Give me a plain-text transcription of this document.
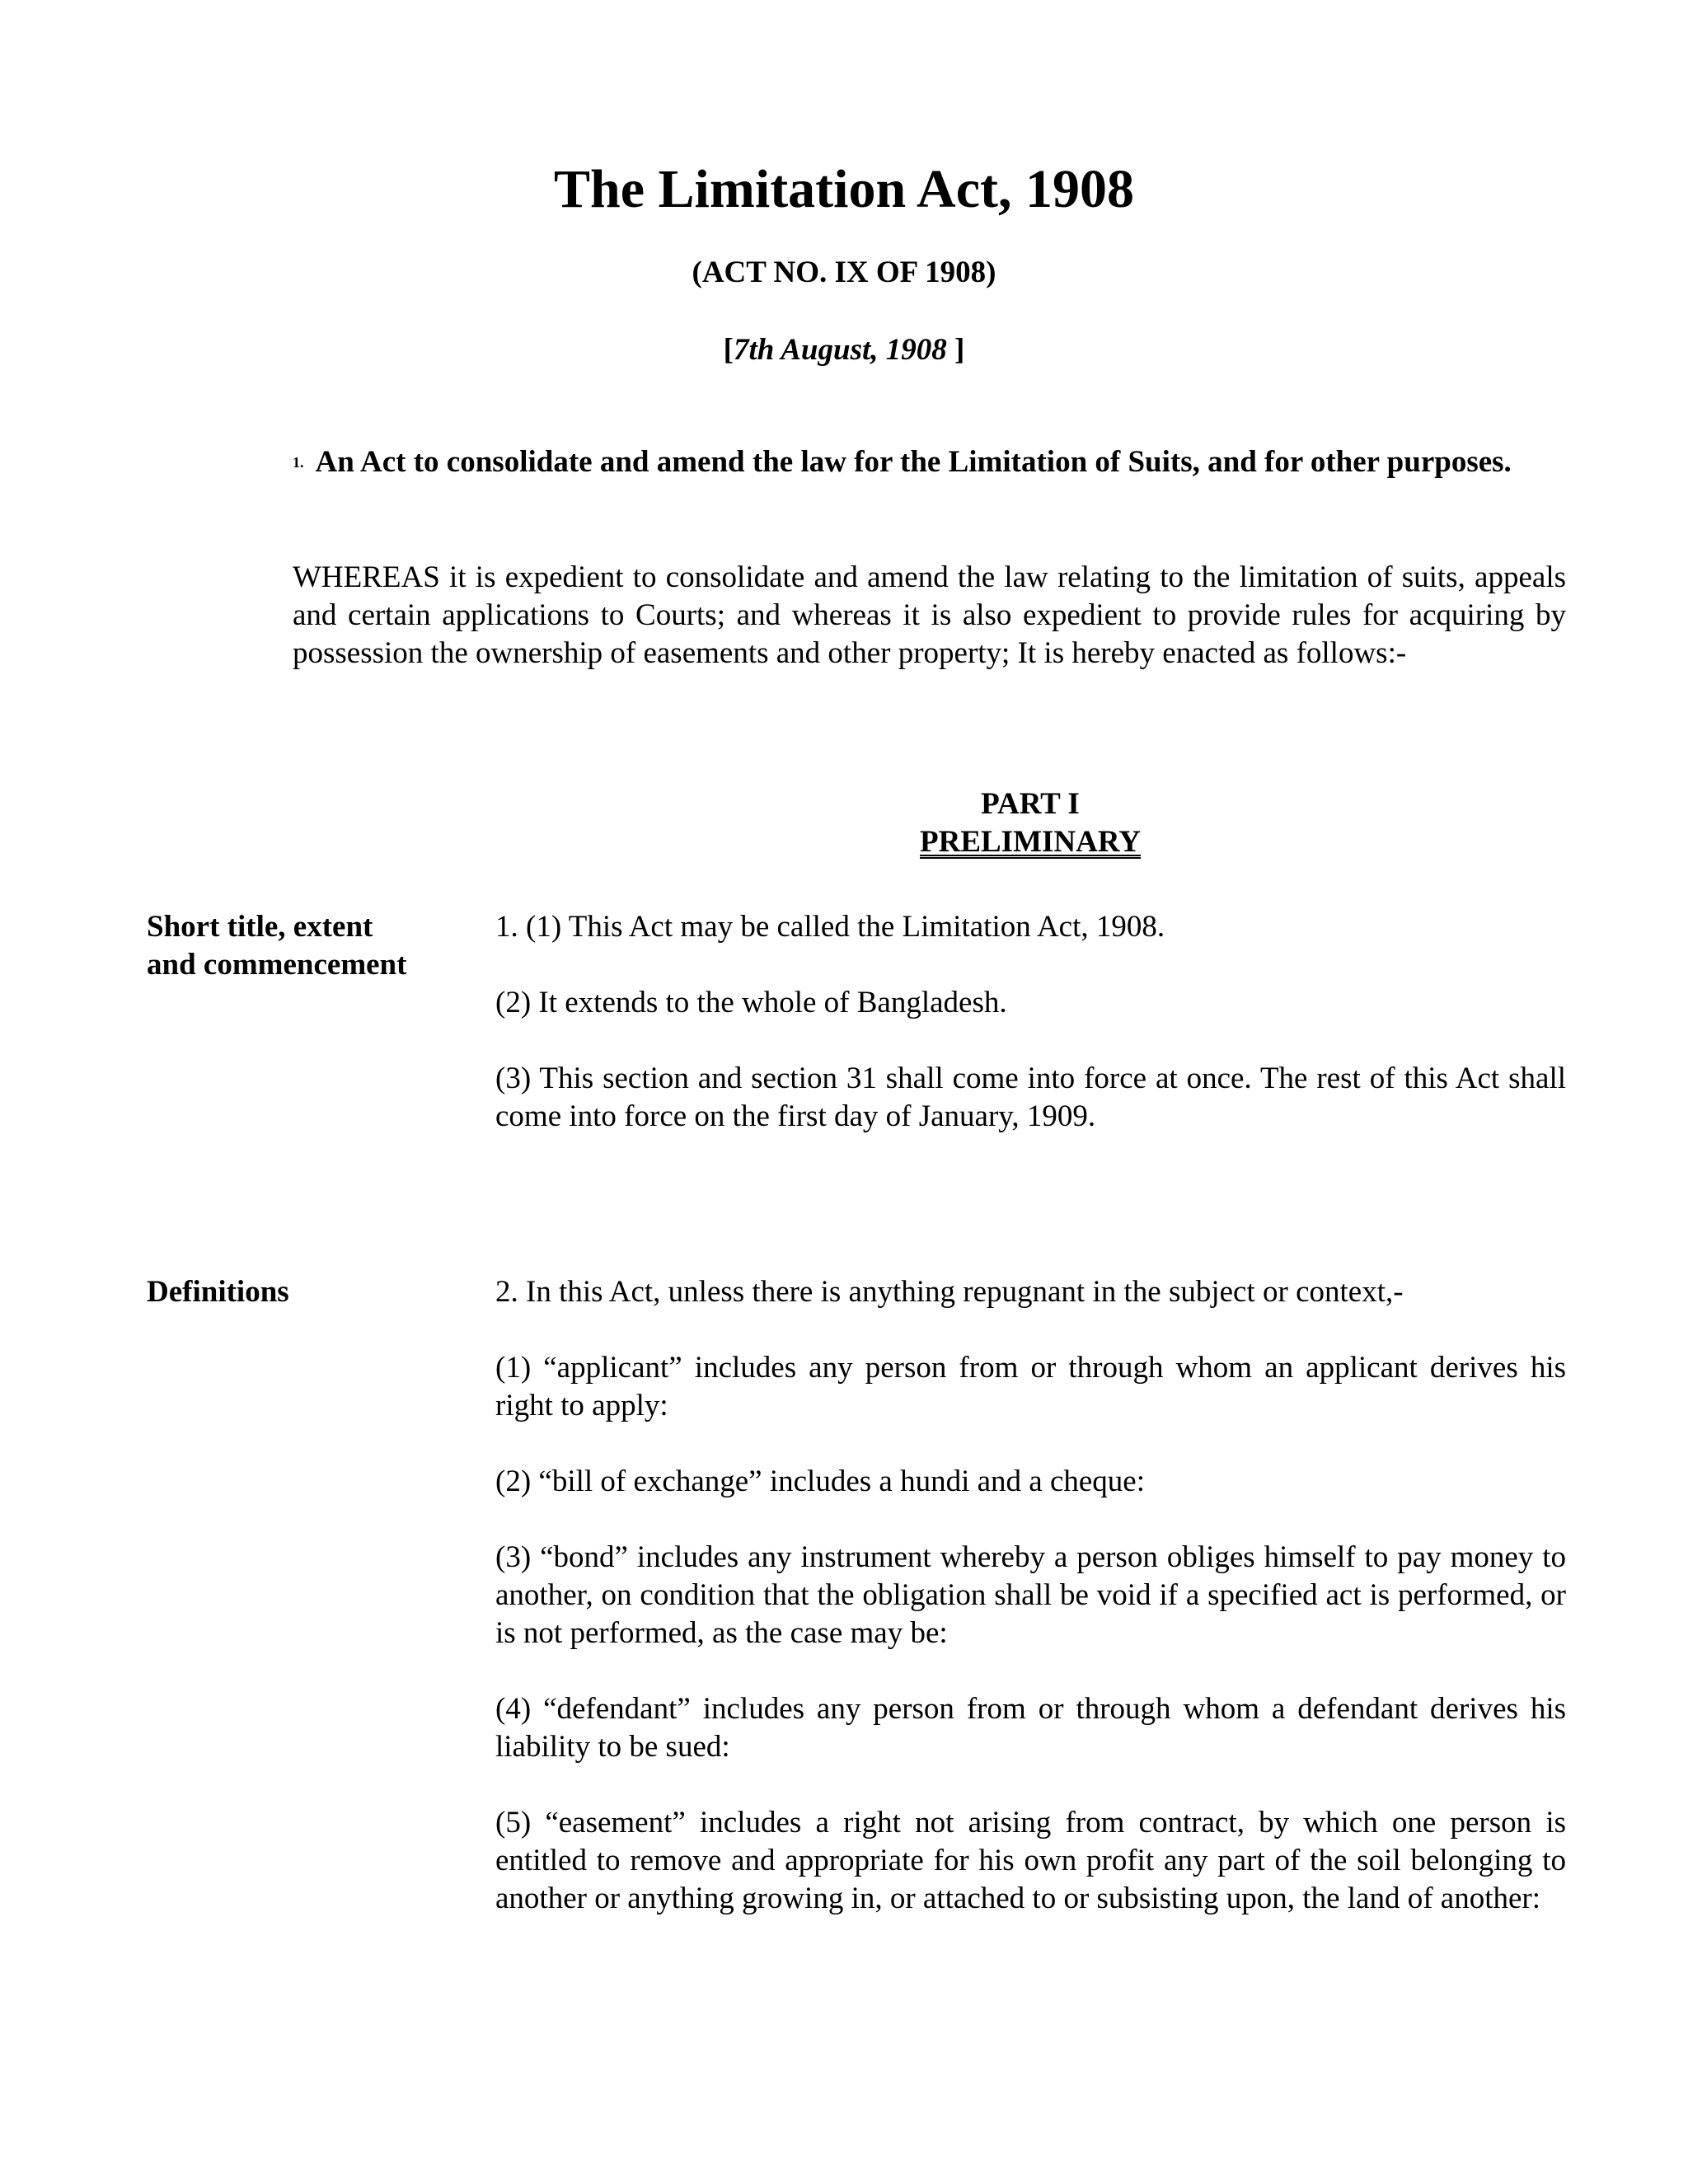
The Limitation Act, 1908
(ACT NO. IX OF 1908)
[7th August, 1908 ]
$^{1.}$ An Act to consolidate and amend the law for the Limitation of Suits, and for other purposes.
WHEREAS it is expedient to consolidate and amend the law relating to the limitation of suits, appeals and certain applications to Courts; and whereas it is also expedient to provide rules for acquiring by possession the ownership of easements and other property; It is hereby enacted as follows:-
PART I
PRELIMINARY
Short title, extent and commencement
1. (1) This Act may be called the Limitation Act, 1908.
(2) It extends to the whole of Bangladesh.
(3) This section and section 31 shall come into force at once. The rest of this Act shall come into force on the first day of January, 1909.
Definitions	2. In this Act, unless there is anything repugnant in the subject or context,-
(1) “applicant” includes any person from or through whom an applicant derives his right to apply:
(2) “bill of exchange” includes a hundi and a cheque:
(3) “bond” includes any instrument whereby a person obliges himself to pay money to another, on condition that the obligation shall be void if a specified act is performed, or is not performed, as the case may be:
(4) “defendant” includes any person from or through whom a defendant derives his liability to be sued:
(5) “easement” includes a right not arising from contract, by which one person is entitled to remove and appropriate for his own profit any part of the soil belonging to another or anything growing in, or attached to or subsisting upon, the land of another:
